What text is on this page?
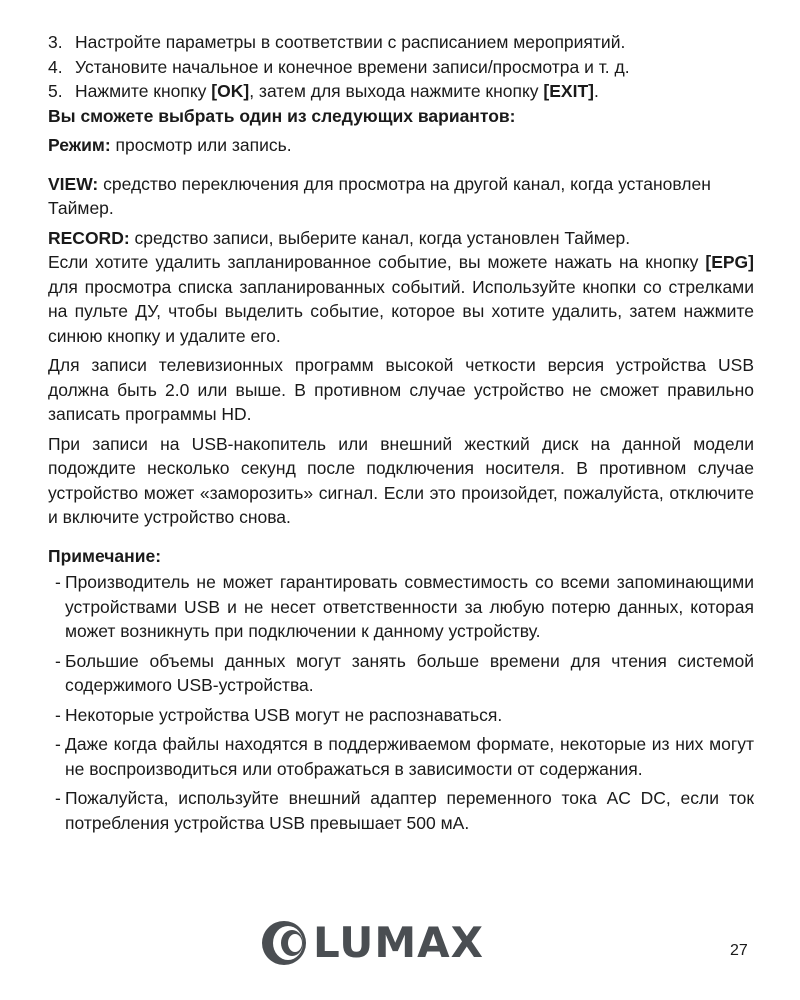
3. Настройте параметры в соответствии с расписанием мероприятий.
4. Установите начальное и конечное времени записи/просмотра и т. д.
5. Нажмите кнопку [OK], затем для выхода нажмите кнопку [EXIT].
Вы сможете выбрать один из следующих вариантов:

Режим: просмотр или запись.

VIEW: средство переключения для просмотра на другой канал, когда установлен Таймер.

RECORD: средство записи, выберите канал, когда установлен Таймер.

Если хотите удалить запланированное событие, вы можете нажать на кнопку [EPG] для просмотра списка запланированных событий. Используйте кнопки со стрелками на пульте ДУ, чтобы выделить событие, которое вы хотите удалить, затем нажмите синюю кнопку и удалите его.

Для записи телевизионных программ высокой четкости версия устройства USB должна быть 2.0 или выше. В противном случае устройство не сможет правильно записать программы HD.

При записи на USB-накопитель или внешний жесткий диск на данной модели подождите несколько секунд после подключения носителя. В противном случае устройство может «заморозить» сигнал. Если это произойдет, пожалуйста, отключите и включите устройство снова.

Примечание:
- Производитель не может гарантировать совместимость со всеми запоминающими устройствами USB и не несет ответственности за любую потерю данных, которая может возникнуть при подключении к данному устройству.
- Большие объемы данных могут занять больше времени для чтения системой содержимого USB-устройства.
- Некоторые устройства USB могут не распознаваться.
- Даже когда файлы находятся в поддерживаемом формате, некоторые из них могут не воспроизводиться или отображаться в зависимости от содержания.
- Пожалуйста, используйте внешний адаптер переменного тока AC DC, если ток потребления устройства USB превышает 500 мА.
LUMAX	27
